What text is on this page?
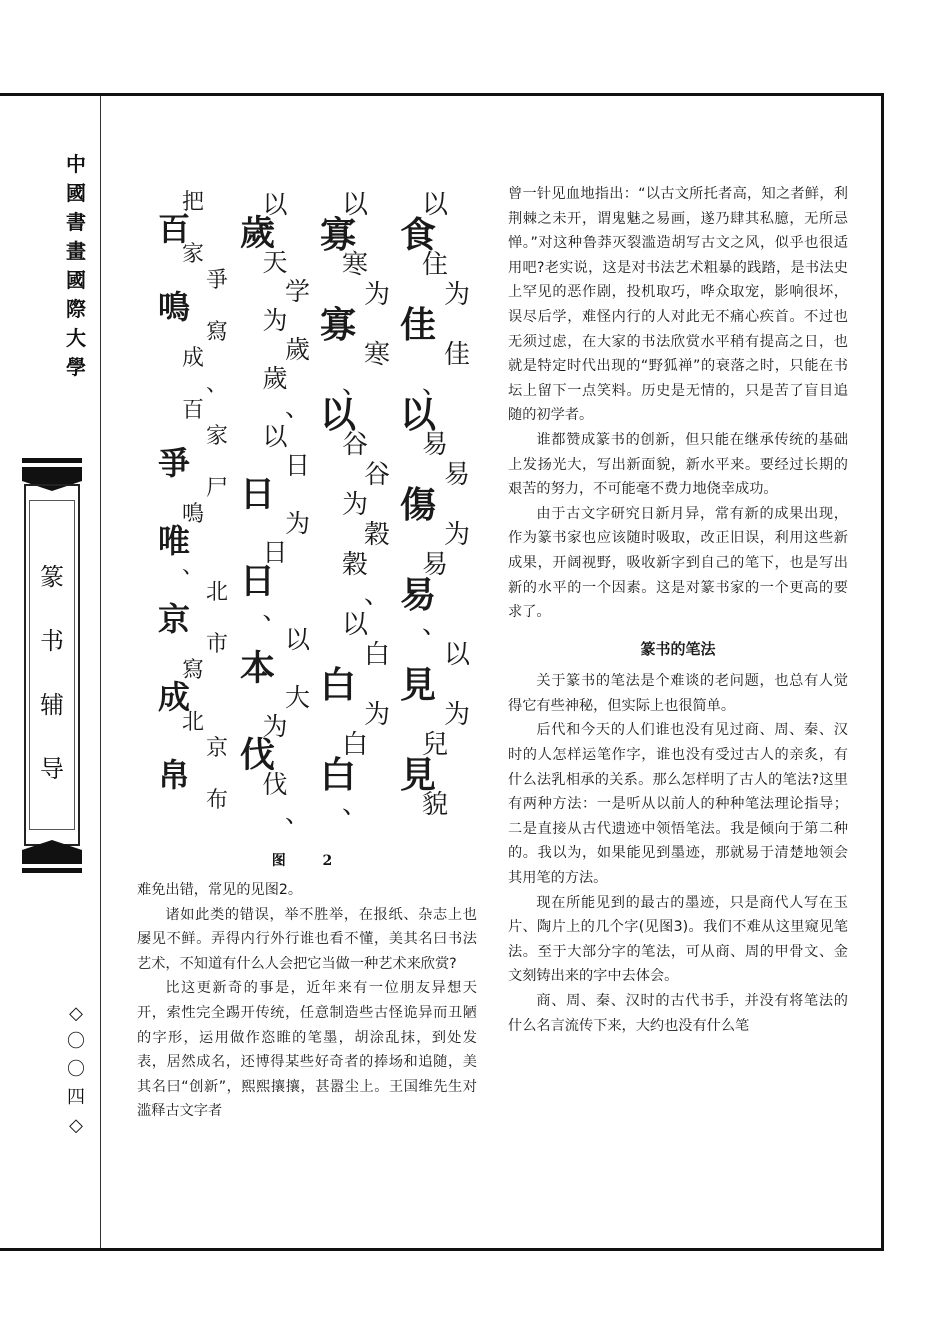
中
國
書
畫
國
際
大
學
篆
书
辅
导
◇
〇
〇
四
◇
以
食
住
为
佳
佳
、
以
易
易
傷
为
易
易
、
以
見
为
兒
見
貌
以
寡
寒
为
寡
寒
、
以
谷
谷
为
穀
穀
、
以
白
白
为
白
白
、
以
歲
天
学
为
歲
歲
、
以
日
日
为
日
日
、
以
本
大
为
伐
伐
、
把
百
家
爭
鳴
寫
成
、
百
家
爭
尸
鳴
唯
、
北
京
市
寫
成
北
京
帛
布
图 2

难免出错，常见的见图2。

诸如此类的错误，举不胜举，在报纸、杂志上也屡见不鲜。弄得内行外行谁也看不懂，美其名曰书法艺术，不知道有什么人会把它当做一种艺术来欣赏?

比这更新奇的事是，近年来有一位朋友异想天开，索性完全踢开传统，任意制造些古怪诡异而丑陋的字形，运用做作恣睢的笔墨，胡涂乱抹，到处发表，居然成名，还博得某些好奇者的捧场和追随，美其名曰“创新”，熙熙攘攘，甚嚣尘上。王国维先生对滥释古文字者

曾一针见血地指出：“以古文所托者高，知之者鲜，利荆棘之未开，谓鬼魅之易画，遂乃肆其私臆，无所忌惮。”对这种鲁莽灭裂滥造胡写古文之风，似乎也很适用吧?老实说，这是对书法艺术粗暴的践踏，是书法史上罕见的恶作剧，投机取巧，哗众取宠，影响很坏，误尽后学，难怪内行的人对此无不痛心疾首。不过也无须过虑，在大家的书法欣赏水平稍有提高之日，也就是特定时代出现的“野狐禅”的衰落之时，只能在书坛上留下一点笑料。历史是无情的，只是苦了盲目追随的初学者。

谁都赞成篆书的创新，但只能在继承传统的基础上发扬光大，写出新面貌，新水平来。要经过长期的艰苦的努力，不可能毫不费力地侥幸成功。

由于古文字研究日新月异，常有新的成果出现，作为篆书家也应该随时吸取，改正旧误，利用这些新成果，开阔视野，吸收新字到自己的笔下，也是写出新的水平的一个因素。这是对篆书家的一个更高的要求了。

篆书的笔法

关于篆书的笔法是个难谈的老问题，也总有人觉得它有些神秘，但实际上也很简单。

后代和今天的人们谁也没有见过商、周、秦、汉时的人怎样运笔作字，谁也没有受过古人的亲炙，有什么法乳相承的关系。那么怎样明了古人的笔法?这里有两种方法：一是听从以前人的种种笔法理论指导；二是直接从古代遗迹中领悟笔法。我是倾向于第二种的。我以为，如果能见到墨迹，那就易于清楚地领会其用笔的方法。

现在所能见到的最古的墨迹，只是商代人写在玉片、陶片上的几个字(见图3)。我们不难从这里窥见笔法。至于大部分字的笔法，可从商、周的甲骨文、金文刻铸出来的字中去体会。

商、周、秦、汉时的古代书手，并没有将笔法的什么名言流传下来，大约也没有什么笔
